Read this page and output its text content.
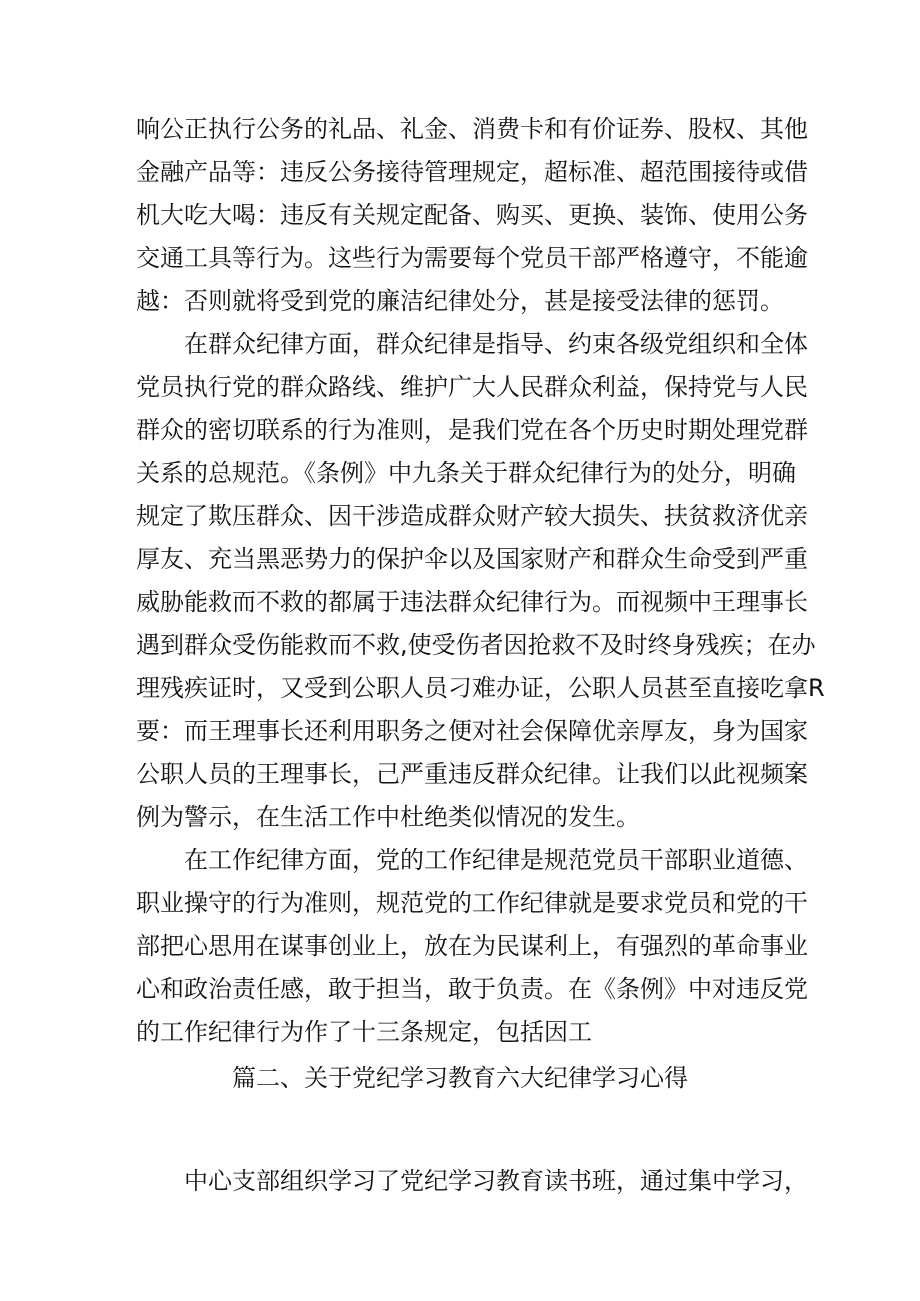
响公正执行公务的礼品、礼金、消费卡和有价证券、股权、其他
金融产品等：违反公务接待管理规定，超标准、超范围接待或借
机大吃大喝：违反有关规定配备、购买、更换、装饰、使用公务
交通工具等行为。这些行为需要每个党员干部严格遵守，不能逾
越：否则就将受到党的廉洁纪律处分，甚是接受法律的惩罚。
在群众纪律方面，群众纪律是指导、约束各级党组织和全体
党员执行党的群众路线、维护广大人民群众利益，保持党与人民
群众的密切联系的行为准则，是我们党在各个历史时期处理党群
关系的总规范。《条例》中九条关于群众纪律行为的处分，明确
规定了欺压群众、因干涉造成群众财产较大损失、扶贫救济优亲
厚友、充当黑恶势力的保护伞以及国家财产和群众生命受到严重
威胁能救而不救的都属于违法群众纪律行为。而视频中王理事长
遇到群众受伤能救而不救,使受伤者因抢救不及时终身残疾；在办
理残疾证时，又受到公职人员刁难办证，公职人员甚至直接吃拿R
要：而王理事长还利用职务之便对社会保障优亲厚友，身为国家
公职人员的王理事长，己严重违反群众纪律。让我们以此视频案
例为警示，在生活工作中杜绝类似情况的发生。
在工作纪律方面，党的工作纪律是规范党员干部职业道德、
职业操守的行为准则，规范党的工作纪律就是要求党员和党的干
部把心思用在谋事创业上，放在为民谋利上，有强烈的革命事业
心和政治责任感，敢于担当，敢于负责。在《条例》中对违反党
的工作纪律行为作了十三条规定，包括因工
篇二、关于党纪学习教育六大纪律学习心得
中心支部组织学习了党纪学习教育读书班，通过集中学习，
